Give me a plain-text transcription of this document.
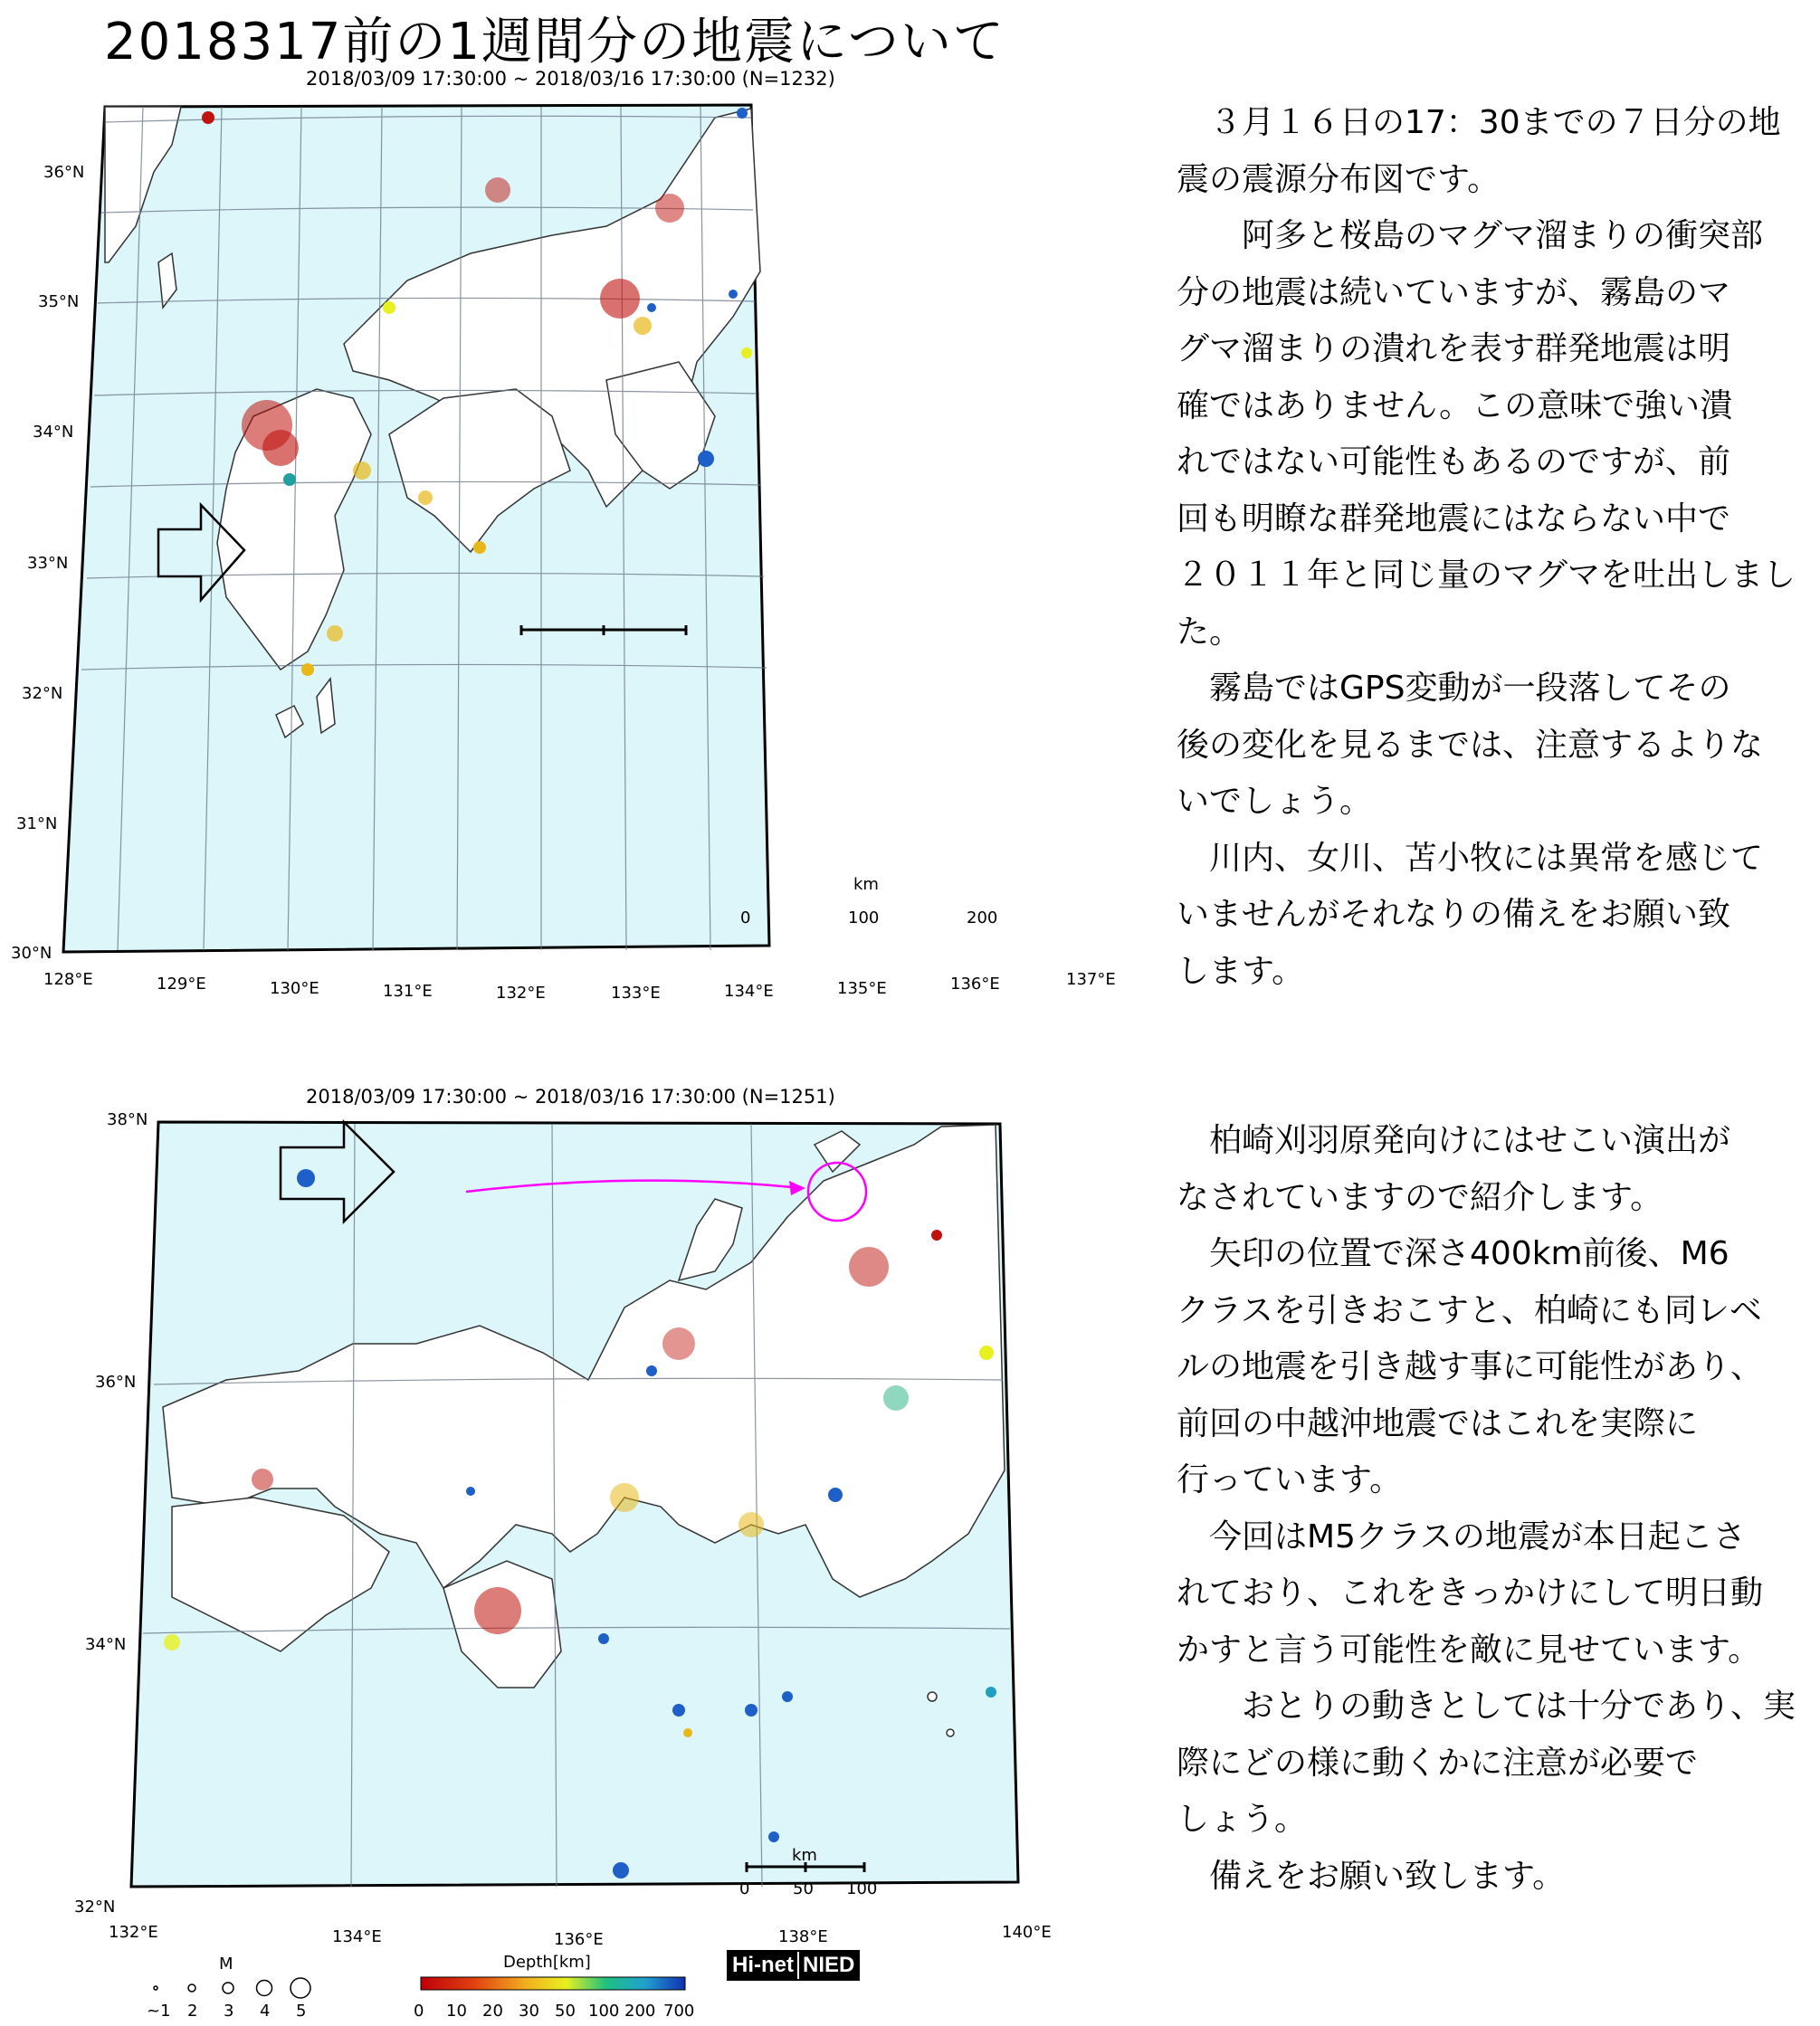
2018317前の1週間分の地震について
2018/03/09 17:30:00 ~ 2018/03/16 17:30:00 (N=1232)
36°N
35°N
34°N
33°N
32°N
31°N
30°N
128°E	129°E	130°E	131°E	132°E	133°E	134°E	135°E	136°E	137°E
km
0	100	200
2018/03/09 17:30:00 ~ 2018/03/16 17:30:00 (N=1251)
38°N
36°N
34°N
32°N
132°E	134°E	136°E	138°E	140°E
km
0	50 100
M
~1 2 3 4 5
Depth[km]
0 10 20 30 50 100 200 700
Hi-net NIED

　３月１６日の17：30までの７日分の地

震の震源分布図です。

　　阿多と桜島のマグマ溜まりの衝突部

分の地震は続いていますが、霧島のマ

グマ溜まりの潰れを表す群発地震は明

確ではありません。この意味で強い潰

れではない可能性もあるのですが、前

回も明瞭な群発地震にはならない中で

２０１１年と同じ量のマグマを吐出しまし

た。

　霧島ではGPS変動が一段落してその

後の変化を見るまでは、注意するよりな

いでしょう。

　川内、女川、苫小牧には異常を感じて

いませんがそれなりの備えをお願い致

します。

　柏崎刈羽原発向けにはせこい演出が

なされていますので紹介します。

　矢印の位置で深さ400km前後、M6

クラスを引きおこすと、柏崎にも同レベ

ルの地震を引き越す事に可能性があり、

前回の中越沖地震ではこれを実際に

行っています。

　今回はM5クラスの地震が本日起こさ

れており、これをきっかけにして明日動

かすと言う可能性を敵に見せています。

　　おとりの動きとしては十分であり、実

際にどの様に動くかに注意が必要で

しょう。

　備えをお願い致します。
